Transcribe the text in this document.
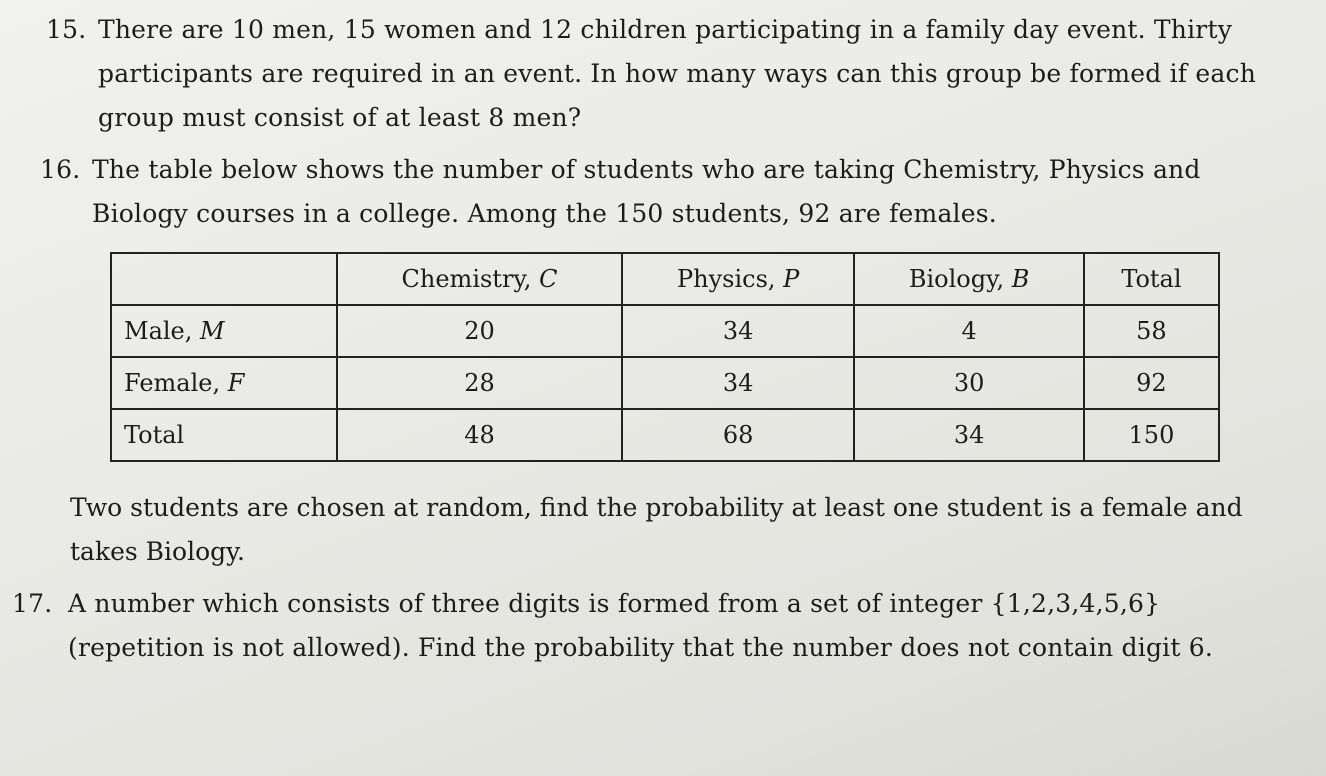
15. There are 10 men, 15 women and 12 children participating in a family day event. Thirty
participants are required in an event. In how many ways can this group be formed if each
group must consist of at least 8 men?
16. The table below shows the number of students who are taking Chemistry, Physics and
Biology courses in a college. Among the 150 students, 92 are females.
	Chemistry, C	Physics, P	Biology, B	Total
Male, M	20	34	4	58
Female, F	28	34	30	92
Total	48	68	34	150
Two students are chosen at random, find the probability at least one student is a female and
takes Biology.
17. A number which consists of three digits is formed from a set of integer {1,2,3,4,5,6}
(repetition is not allowed). Find the probability that the number does not contain digit 6.
